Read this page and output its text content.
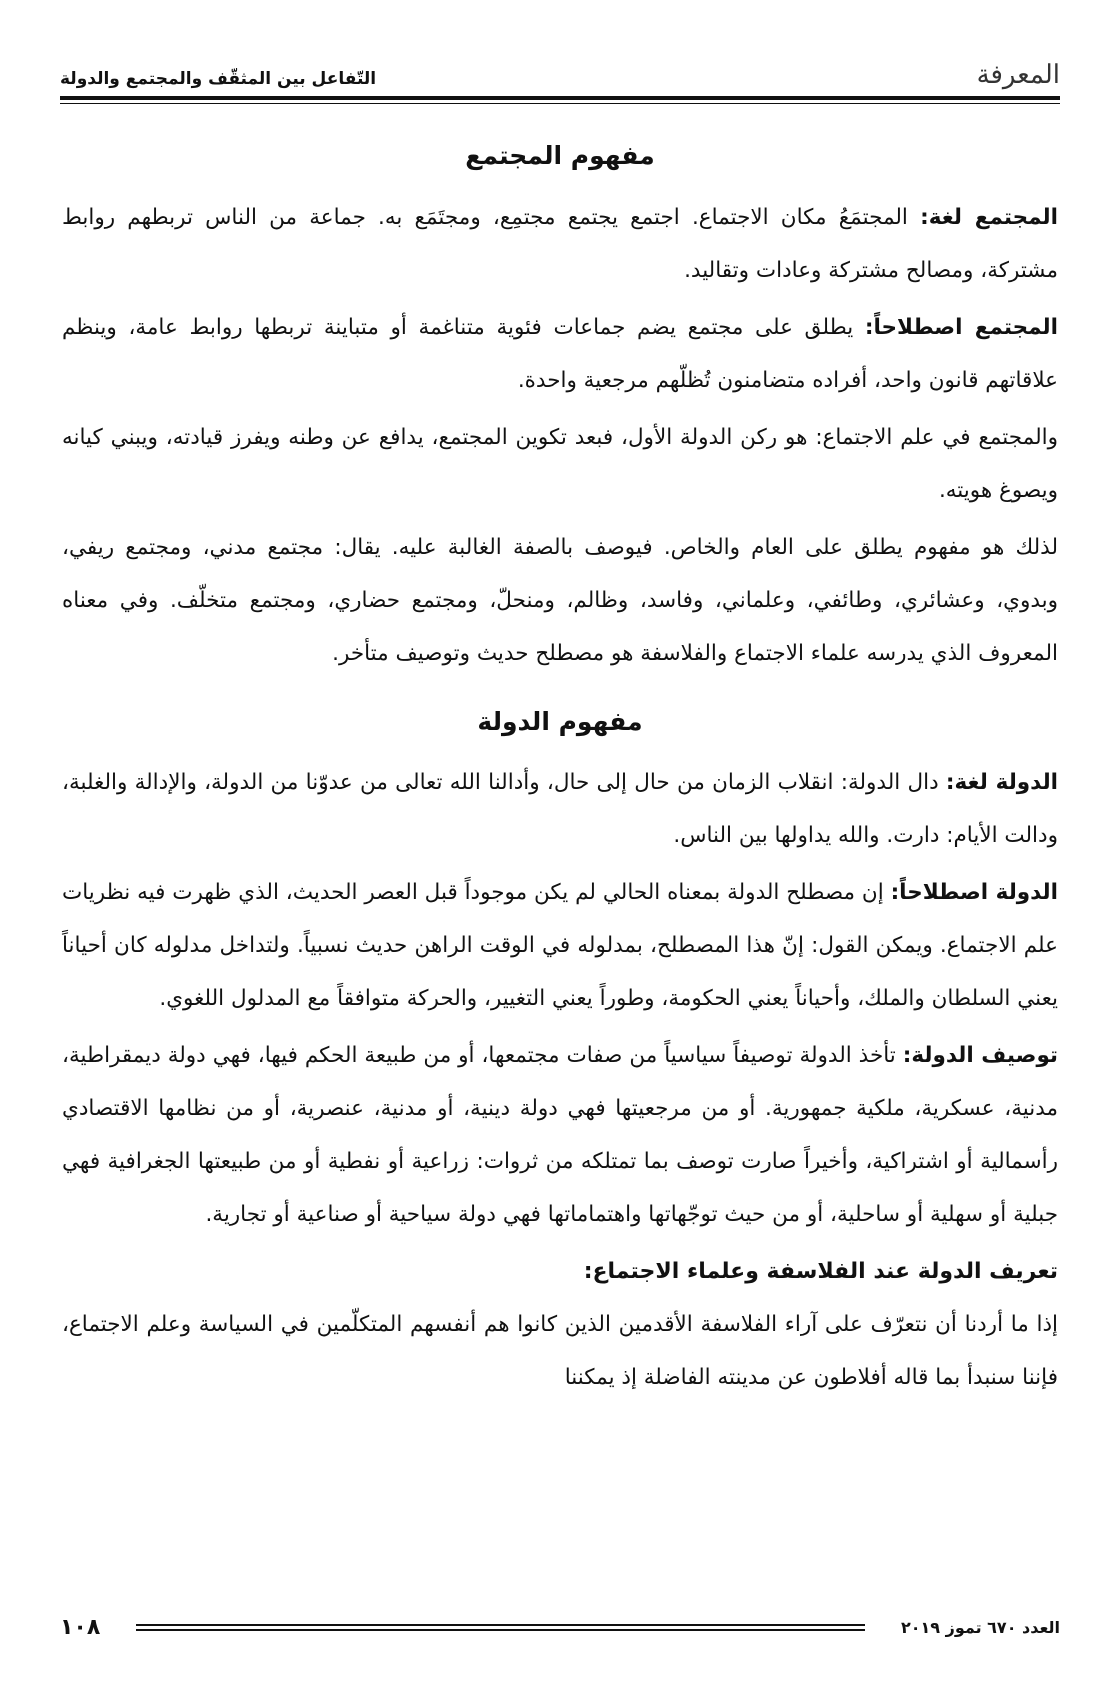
التّفاعل بين المثقّف والمجتمع والدولة	المعرفة
مفهوم المجتمع

المجتمع لغة: المجتمَعُ مكان الاجتماع. اجتمع يجتمع مجتمِع، ومجتَمَع به. جماعة من الناس تربطهم روابط مشتركة، ومصالح مشتركة وعادات وتقاليد.

المجتمع اصطلاحاً: يطلق على مجتمع يضم جماعات فئوية متناغمة أو متباينة تربطها روابط عامة، وينظم علاقاتهم قانون واحد، أفراده متضامنون تُظلّهم مرجعية واحدة.

والمجتمع في علم الاجتماع: هو ركن الدولة الأول، فبعد تكوين المجتمع، يدافع عن وطنه ويفرز قيادته، ويبني كيانه ويصوغ هويته.

لذلك هو مفهوم يطلق على العام والخاص. فيوصف بالصفة الغالبة عليه. يقال: مجتمع مدني، ومجتمع ريفي، وبدوي، وعشائري، وطائفي، وعلماني، وفاسد، وظالم، ومنحلّ، ومجتمع حضاري، ومجتمع متخلّف. وفي معناه المعروف الذي يدرسه علماء الاجتماع والفلاسفة هو مصطلح حديث وتوصيف متأخر.

مفهوم الدولة

الدولة لغة: دال الدولة: انقلاب الزمان من حال إلى حال، وأدالنا الله تعالى من عدوّنا من الدولة، والإدالة والغلبة، ودالت الأيام: دارت. والله يداولها بين الناس.

الدولة اصطلاحاً: إن مصطلح الدولة بمعناه الحالي لم يكن موجوداً قبل العصر الحديث، الذي ظهرت فيه نظريات علم الاجتماع. ويمكن القول: إنّ هذا المصطلح، بمدلوله في الوقت الراهن حديث نسبياً. ولتداخل مدلوله كان أحياناً يعني السلطان والملك، وأحياناً يعني الحكومة، وطوراً يعني التغيير، والحركة متوافقاً مع المدلول اللغوي.

توصيف الدولة: تأخذ الدولة توصيفاً سياسياً من صفات مجتمعها، أو من طبيعة الحكم فيها، فهي دولة ديمقراطية، مدنية، عسكرية، ملكية جمهورية. أو من مرجعيتها فهي دولة دينية، أو مدنية، عنصرية، أو من نظامها الاقتصادي رأسمالية أو اشتراكية، وأخيراً صارت توصف بما تمتلكه من ثروات: زراعية أو نفطية أو من طبيعتها الجغرافية فهي جبلية أو سهلية أو ساحلية، أو من حيث توجّهاتها واهتماماتها فهي دولة سياحية أو صناعية أو تجارية.

تعريف الدولة عند الفلاسفة وعلماء الاجتماع:

إذا ما أردنا أن نتعرّف على آراء الفلاسفة الأقدمين الذين كانوا هم أنفسهم المتكلّمين في السياسة وعلم الاجتماع، فإننا سنبدأ بما قاله أفلاطون عن مدينته الفاضلة إذ يمكننا

١٠٨	العدد ٦٧٠ تموز ٢٠١٩
